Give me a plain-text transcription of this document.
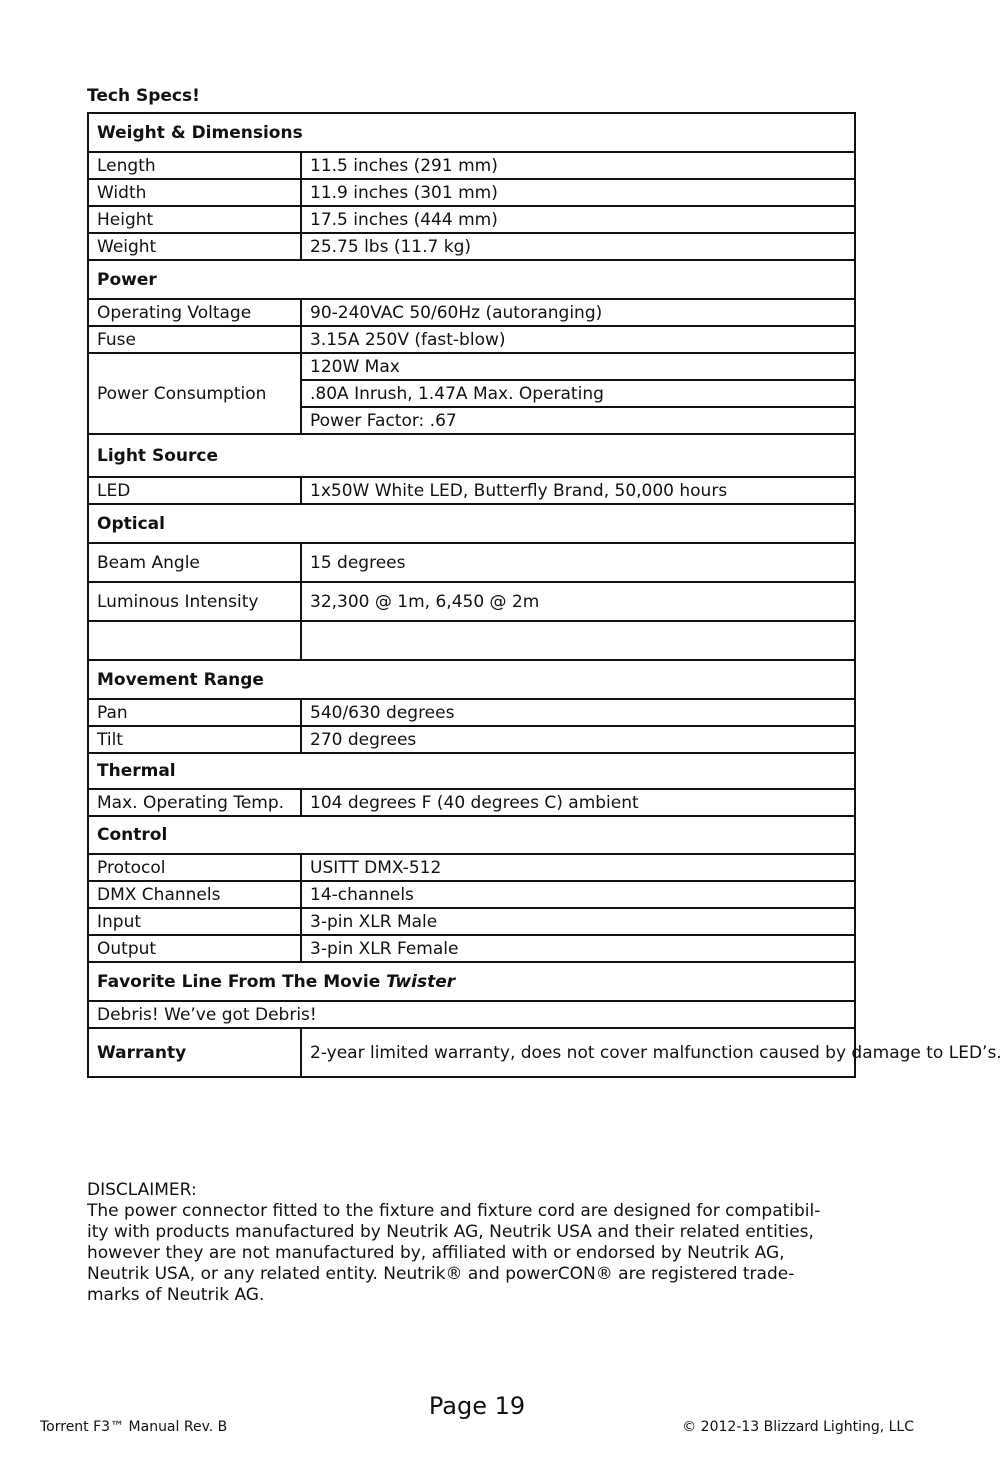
Tech Specs!
Weight & Dimensions	
Length	11.5 inches (291 mm)
Width	11.9 inches (301 mm)
Height	17.5 inches (444 mm)
Weight	25.75 lbs (11.7 kg)
Power	
Operating Voltage	90-240VAC 50/60Hz (autoranging)
Fuse	3.15A 250V (fast-blow)
Power Consumption	120W Max
	.80A Inrush, 1.47A Max. Operating
	Power Factor: .67
Light Source	
LED	1x50W White LED, Butterfly Brand, 50,000 hours
Optical	
Beam Angle	15 degrees
Luminous Intensity	32,300 @ 1m, 6,450 @ 2m

Movement Range	
Pan	540/630 degrees
Tilt	270 degrees
Thermal	
Max. Operating Temp.	104 degrees F (40 degrees C) ambient
Control	
Protocol	USITT DMX-512
DMX Channels	14-channels
Input	3-pin XLR Male
Output	3-pin XLR Female
Favorite Line From The Movie Twister	
Debris! We’ve got Debris!	
Warranty	2-year limited warranty, does not cover malfunction caused by damage to LED’s.
DISCLAIMER:
The power connector fitted to the fixture and fixture cord are designed for compatibil-
ity with products manufactured by Neutrik AG, Neutrik USA and their related entities,
however they are not manufactured by, affiliated with or endorsed by Neutrik AG,
Neutrik USA, or any related entity. Neutrik® and powerCON® are registered trade-
marks of Neutrik AG.
Page 19
Torrent F3™ Manual Rev. B	© 2012-13 Blizzard Lighting, LLC
